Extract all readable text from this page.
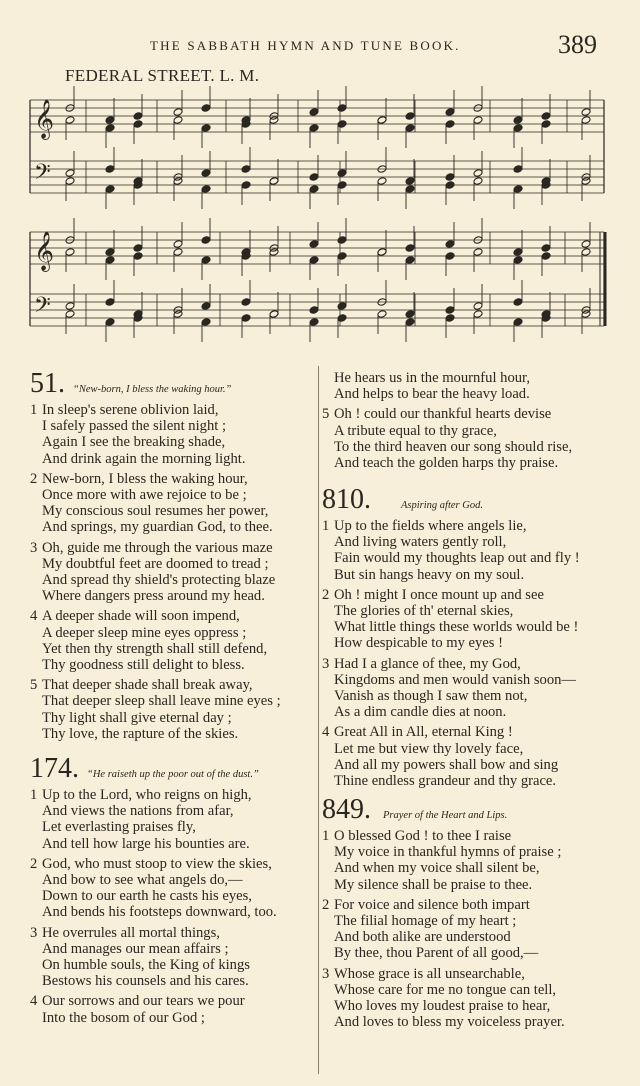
THE SABBATH HYMN AND TUNE BOOK.	389
FEDERAL STREET. L. M.
𝄞
𝄢
𝄞
𝄢
51. “New-born, I bless the waking hour.”
1 In sleep's serene oblivion laid,
I safely passed the silent night ;
Again I see the breaking shade,
And drink again the morning light.
2 New-born, I bless the waking hour,
Once more with awe rejoice to be ;
My conscious soul resumes her power,
And springs, my guardian God, to thee.
3 Oh, guide me through the various maze
My doubtful feet are doomed to tread ;
And spread thy shield's protecting blaze
Where dangers press around my head.
4 A deeper shade will soon impend,
A deeper sleep mine eyes oppress ;
Yet then thy strength shall still defend,
Thy goodness still delight to bless.
5 That deeper shade shall break away,
That deeper sleep shall leave mine eyes ;
Thy light shall give eternal day ;
Thy love, the rapture of the skies.
174. “He raiseth up the poor out of the dust.”
1 Up to the Lord, who reigns on high,
And views the nations from afar,
Let everlasting praises fly,
And tell how large his bounties are.
2 God, who must stoop to view the skies,
And bow to see what angels do,—
Down to our earth he casts his eyes,
And bends his footsteps downward, too.
3 He overrules all mortal things,
And manages our mean affairs ;
On humble souls, the King of kings
Bestows his counsels and his cares.
4 Our sorrows and our tears we pour
Into the bosom of our God ;
He hears us in the mournful hour,
And helps to bear the heavy load.
5 Oh ! could our thankful hearts devise
A tribute equal to thy grace,
To the third heaven our song should rise,
And teach the golden harps thy praise.
810.	Aspiring after God.
1 Up to the fields where angels lie,
And living waters gently roll,
Fain would my thoughts leap out and fly !
But sin hangs heavy on my soul.
2 Oh ! might I once mount up and see
The glories of th' eternal skies,
What little things these worlds would be !
How despicable to my eyes !
3 Had I a glance of thee, my God,
Kingdoms and men would vanish soon—
Vanish as though I saw them not,
As a dim candle dies at noon.
4 Great All in All, eternal King !
Let me but view thy lovely face,
And all my powers shall bow and sing
Thine endless grandeur and thy grace.
849. Prayer of the Heart and Lips.
1 O blessed God ! to thee I raise
My voice in thankful hymns of praise ;
And when my voice shall silent be,
My silence shall be praise to thee.
2 For voice and silence both impart
The filial homage of my heart ;
And both alike are understood
By thee, thou Parent of all good,—
3 Whose grace is all unsearchable,
Whose care for me no tongue can tell,
Who loves my loudest praise to hear,
And loves to bless my voiceless prayer.
